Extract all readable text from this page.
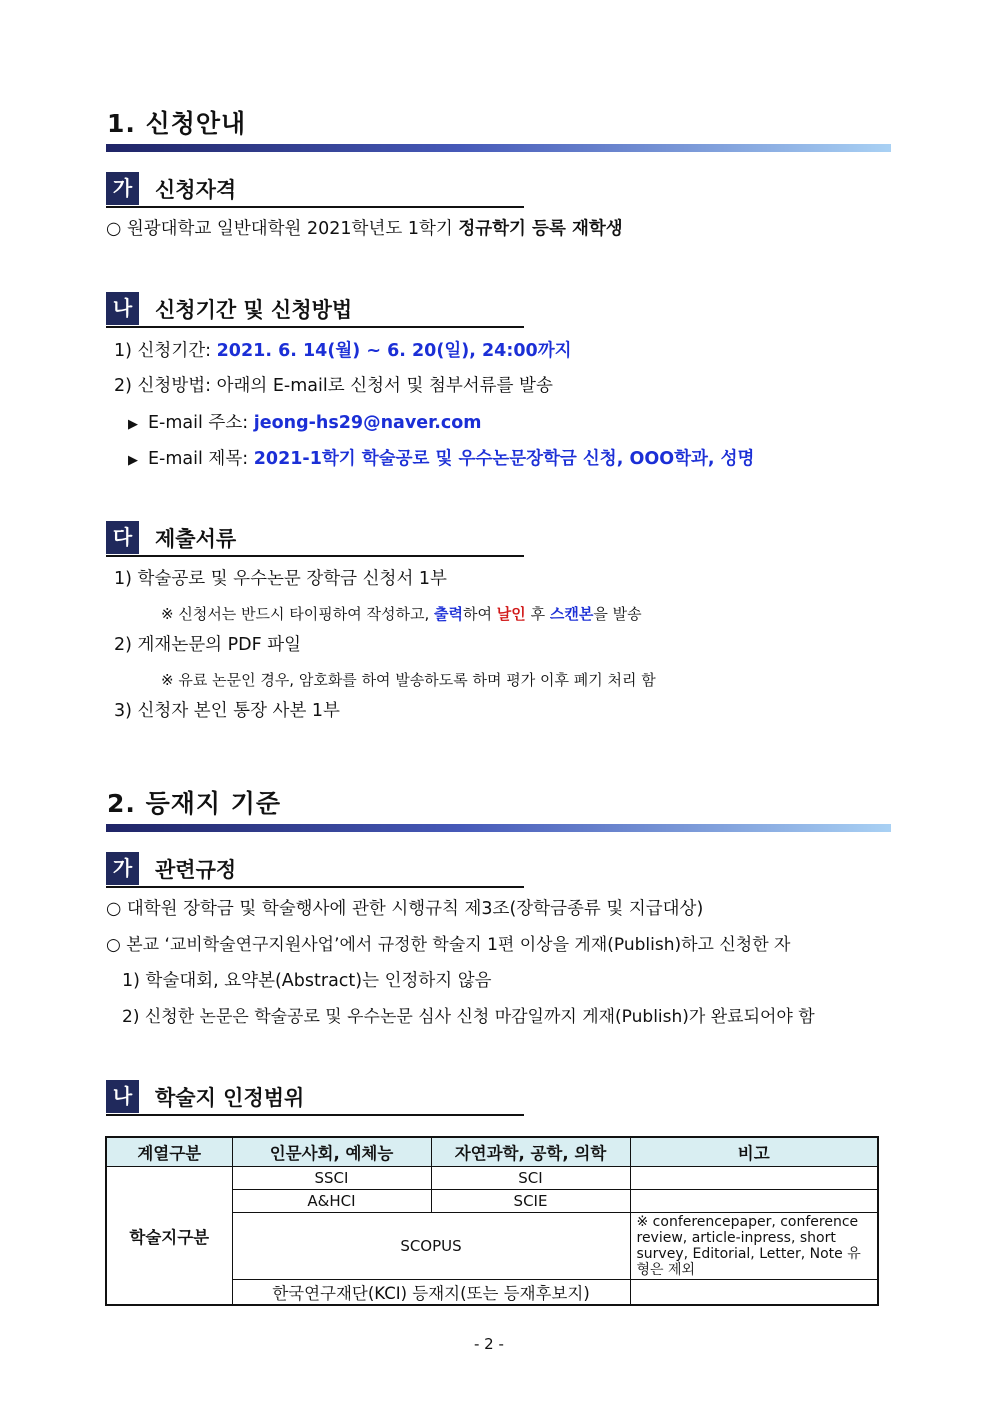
1. 신청안내
가	신청자격
○ 원광대학교 일반대학원 2021학년도 1학기 정규학기 등록 재학생
나	신청기간 및 신청방법
1) 신청기간: 2021. 6. 14(월) ~ 6. 20(일), 24:00까지
2) 신청방법: 아래의 E-mail로 신청서 및 첨부서류를 발송
▶ E-mail 주소: jeong-hs29@naver.com
▶ E-mail 제목: 2021-1학기 학술공로 및 우수논문장학금 신청, OOO학과, 성명
다	제출서류
1) 학술공로 및 우수논문 장학금 신청서 1부
※ 신청서는 반드시 타이핑하여 작성하고, 출력하여 날인 후 스캔본을 발송
2) 게재논문의 PDF 파일
※ 유료 논문인 경우, 암호화를 하여 발송하도록 하며 평가 이후 폐기 처리 함
3) 신청자 본인 통장 사본 1부
2. 등재지 기준
가	관련규정
○ 대학원 장학금 및 학술행사에 관한 시행규칙 제3조(장학금종류 및 지급대상)
○ 본교 ‘교비학술연구지원사업’에서 규정한 학술지 1편 이상을 게재(Publish)하고 신청한 자
1) 학술대회, 요약본(Abstract)는 인정하지 않음
2) 신청한 논문은 학술공로 및 우수논문 심사 신청 마감일까지 게재(Publish)가 완료되어야 함
나	학술지 인정범위
계열구분	인문사회, 예체능	자연과학, 공학, 의학	비고
학술지구분	SSCI	SCI	
	A&HCI	SCIE	
	SCOPUS		※ conferencepaper, conference review, article-inpress, short survey, Editorial, Letter, Note 유형은 제외
	한국연구재단(KCI) 등재지(또는 등재후보지)		
- 2 -
